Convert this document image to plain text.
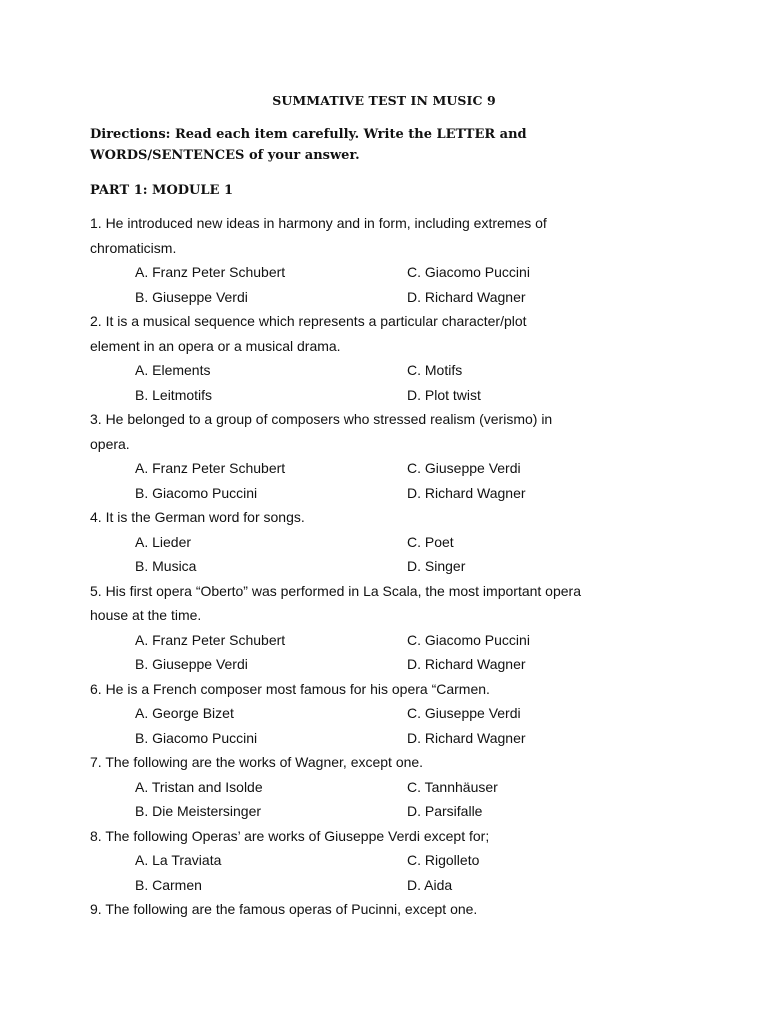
SUMMATIVE TEST IN MUSIC 9
Directions: Read each item carefully. Write the LETTER and WORDS/SENTENCES of your answer.
PART 1: MODULE 1
1. He introduced new ideas in harmony and in form, including extremes of
chromaticism.
A. Franz Peter Schubert	C. Giacomo Puccini
B. Giuseppe Verdi	D. Richard Wagner
2. It is a musical sequence which represents a particular character/plot
element in an opera or a musical drama.
A. Elements	C. Motifs
B. Leitmotifs	D. Plot twist
3. He belonged to a group of composers who stressed realism (verismo) in
opera.
A. Franz Peter Schubert	C. Giuseppe Verdi
B. Giacomo Puccini	D. Richard Wagner
4. It is the German word for songs.
A. Lieder	C. Poet
B. Musica	D. Singer
5. His first opera “Oberto” was performed in La Scala, the most important opera
house at the time.
A. Franz Peter Schubert	C. Giacomo Puccini
B. Giuseppe Verdi	D. Richard Wagner
6. He is a French composer most famous for his opera “Carmen.
A. George Bizet	C. Giuseppe Verdi
B. Giacomo Puccini	D. Richard Wagner
7. The following are the works of Wagner, except one.
A. Tristan and Isolde	C. Tannhäuser
B. Die Meistersinger	D. Parsifalle
8. The following Operas’ are works of Giuseppe Verdi except for;
A. La Traviata	C. Rigolleto
B. Carmen	D. Aida
9. The following are the famous operas of Pucinni, except one.
